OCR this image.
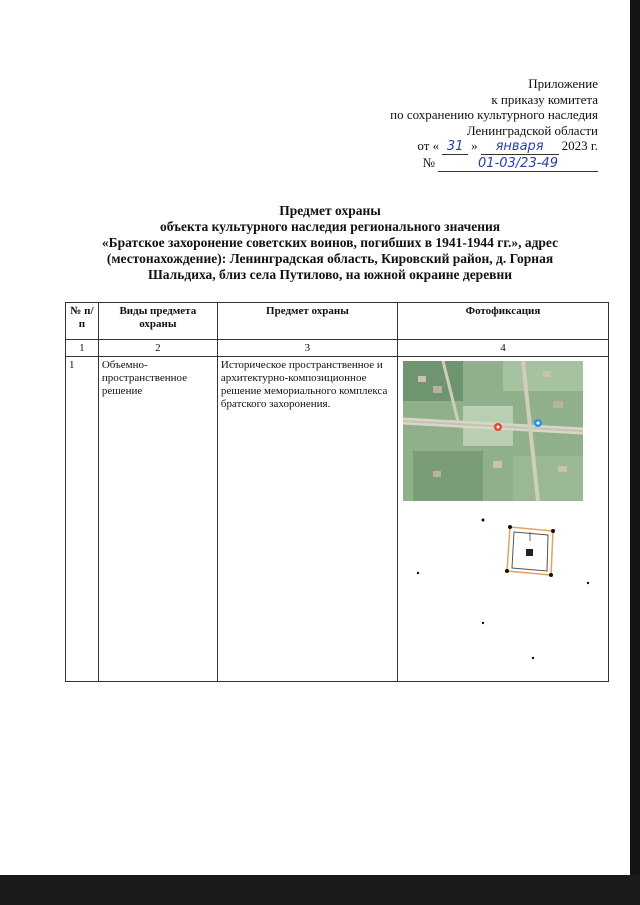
Приложение
к приказу комитета
по сохранению культурного наследия
Ленинградской области
от « 31 »	января	2023 г.
№	01-03/23-49
Предмет охраны
объекта культурного наследия регионального значения
«Братское захоронение советских воинов, погибших в 1941-1944 гг.», адрес
(местонахождение): Ленинградская область, Кировский район, д. Горная
Шальдиха, близ села Путилово, на южной окраине деревни
№ п/п	Виды предмета охраны	Предмет охраны	Фотофиксация
1	2	3	4
1	Объемно-пространственное решение	Историческое пространственное и архитектурно-композиционное решение мемориального комплекса братского захоронения.	
